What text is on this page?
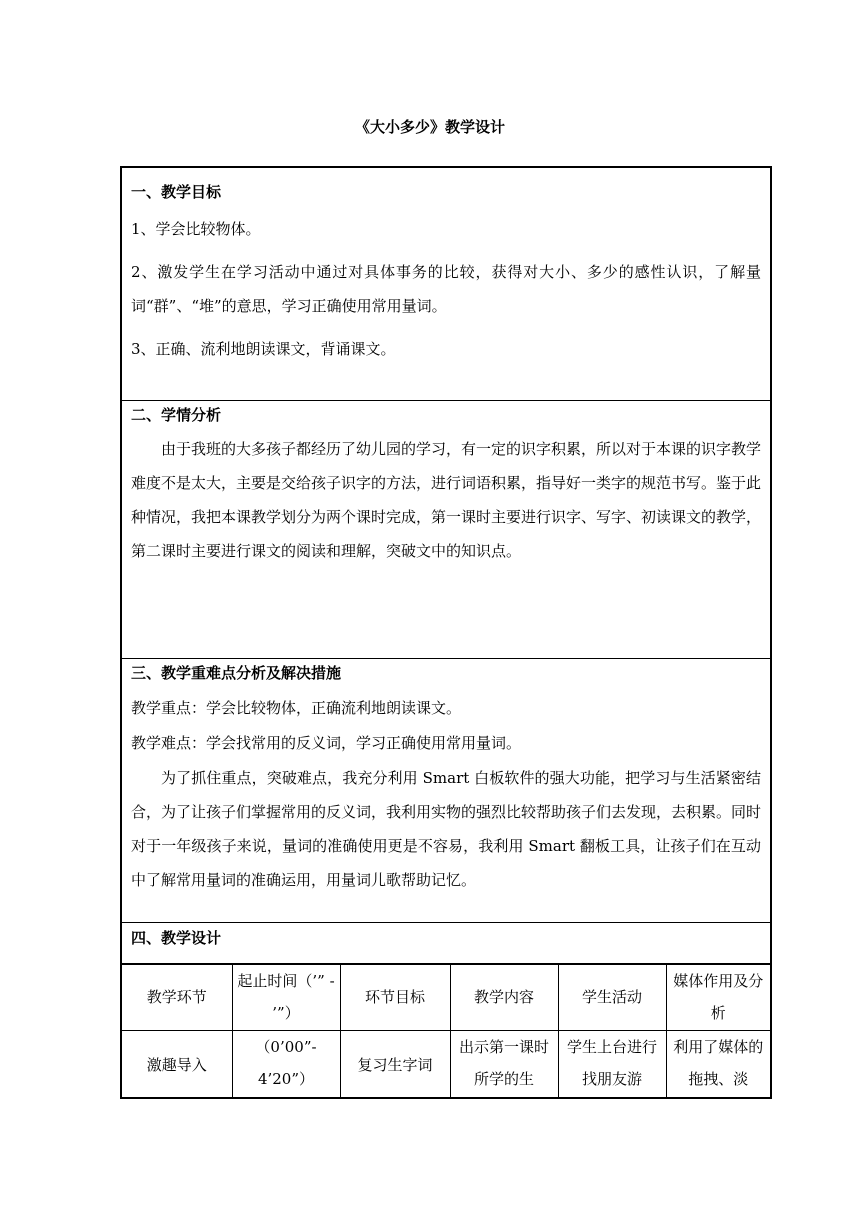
《大小多少》教学设计
一、教学目标
1、学会比较物体。
2、激发学生在学习活动中通过对具体事务的比较，获得对大小、多少的感性认识，了解量词“群”、“堆”的意思，学习正确使用常用量词。
3、正确、流利地朗读课文，背诵课文。
二、学情分析
由于我班的大多孩子都经历了幼儿园的学习，有一定的识字积累，所以对于本课的识字教学难度不是太大，主要是交给孩子识字的方法，进行词语积累，指导好一类字的规范书写。鉴于此种情况，我把本课教学划分为两个课时完成，第一课时主要进行识字、写字、初读课文的教学，第二课时主要进行课文的阅读和理解，突破文中的知识点。
三、教学重难点分析及解决措施
教学重点：学会比较物体，正确流利地朗读课文。
教学难点：学会找常用的反义词，学习正确使用常用量词。
为了抓住重点，突破难点，我充分利用 Smart 白板软件的强大功能，把学习与生活紧密结合，为了让孩子们掌握常用的反义词，我利用实物的强烈比较帮助孩子们去发现，去积累。同时对于一年级孩子来说，量词的准确使用更是不容易，我利用 Smart 翻板工具，让孩子们在互动中了解常用量词的准确运用，用量词儿歌帮助记忆。
四、教学设计
教学环节	起止时间（’” - ’”）	环节目标	教学内容	学生活动	媒体作用及分析
激趣导入	（0’00”- 4’20”）	复习生字词	出示第一课时所学的生	学生上台进行找朋友游	利用了媒体的拖拽、淡
